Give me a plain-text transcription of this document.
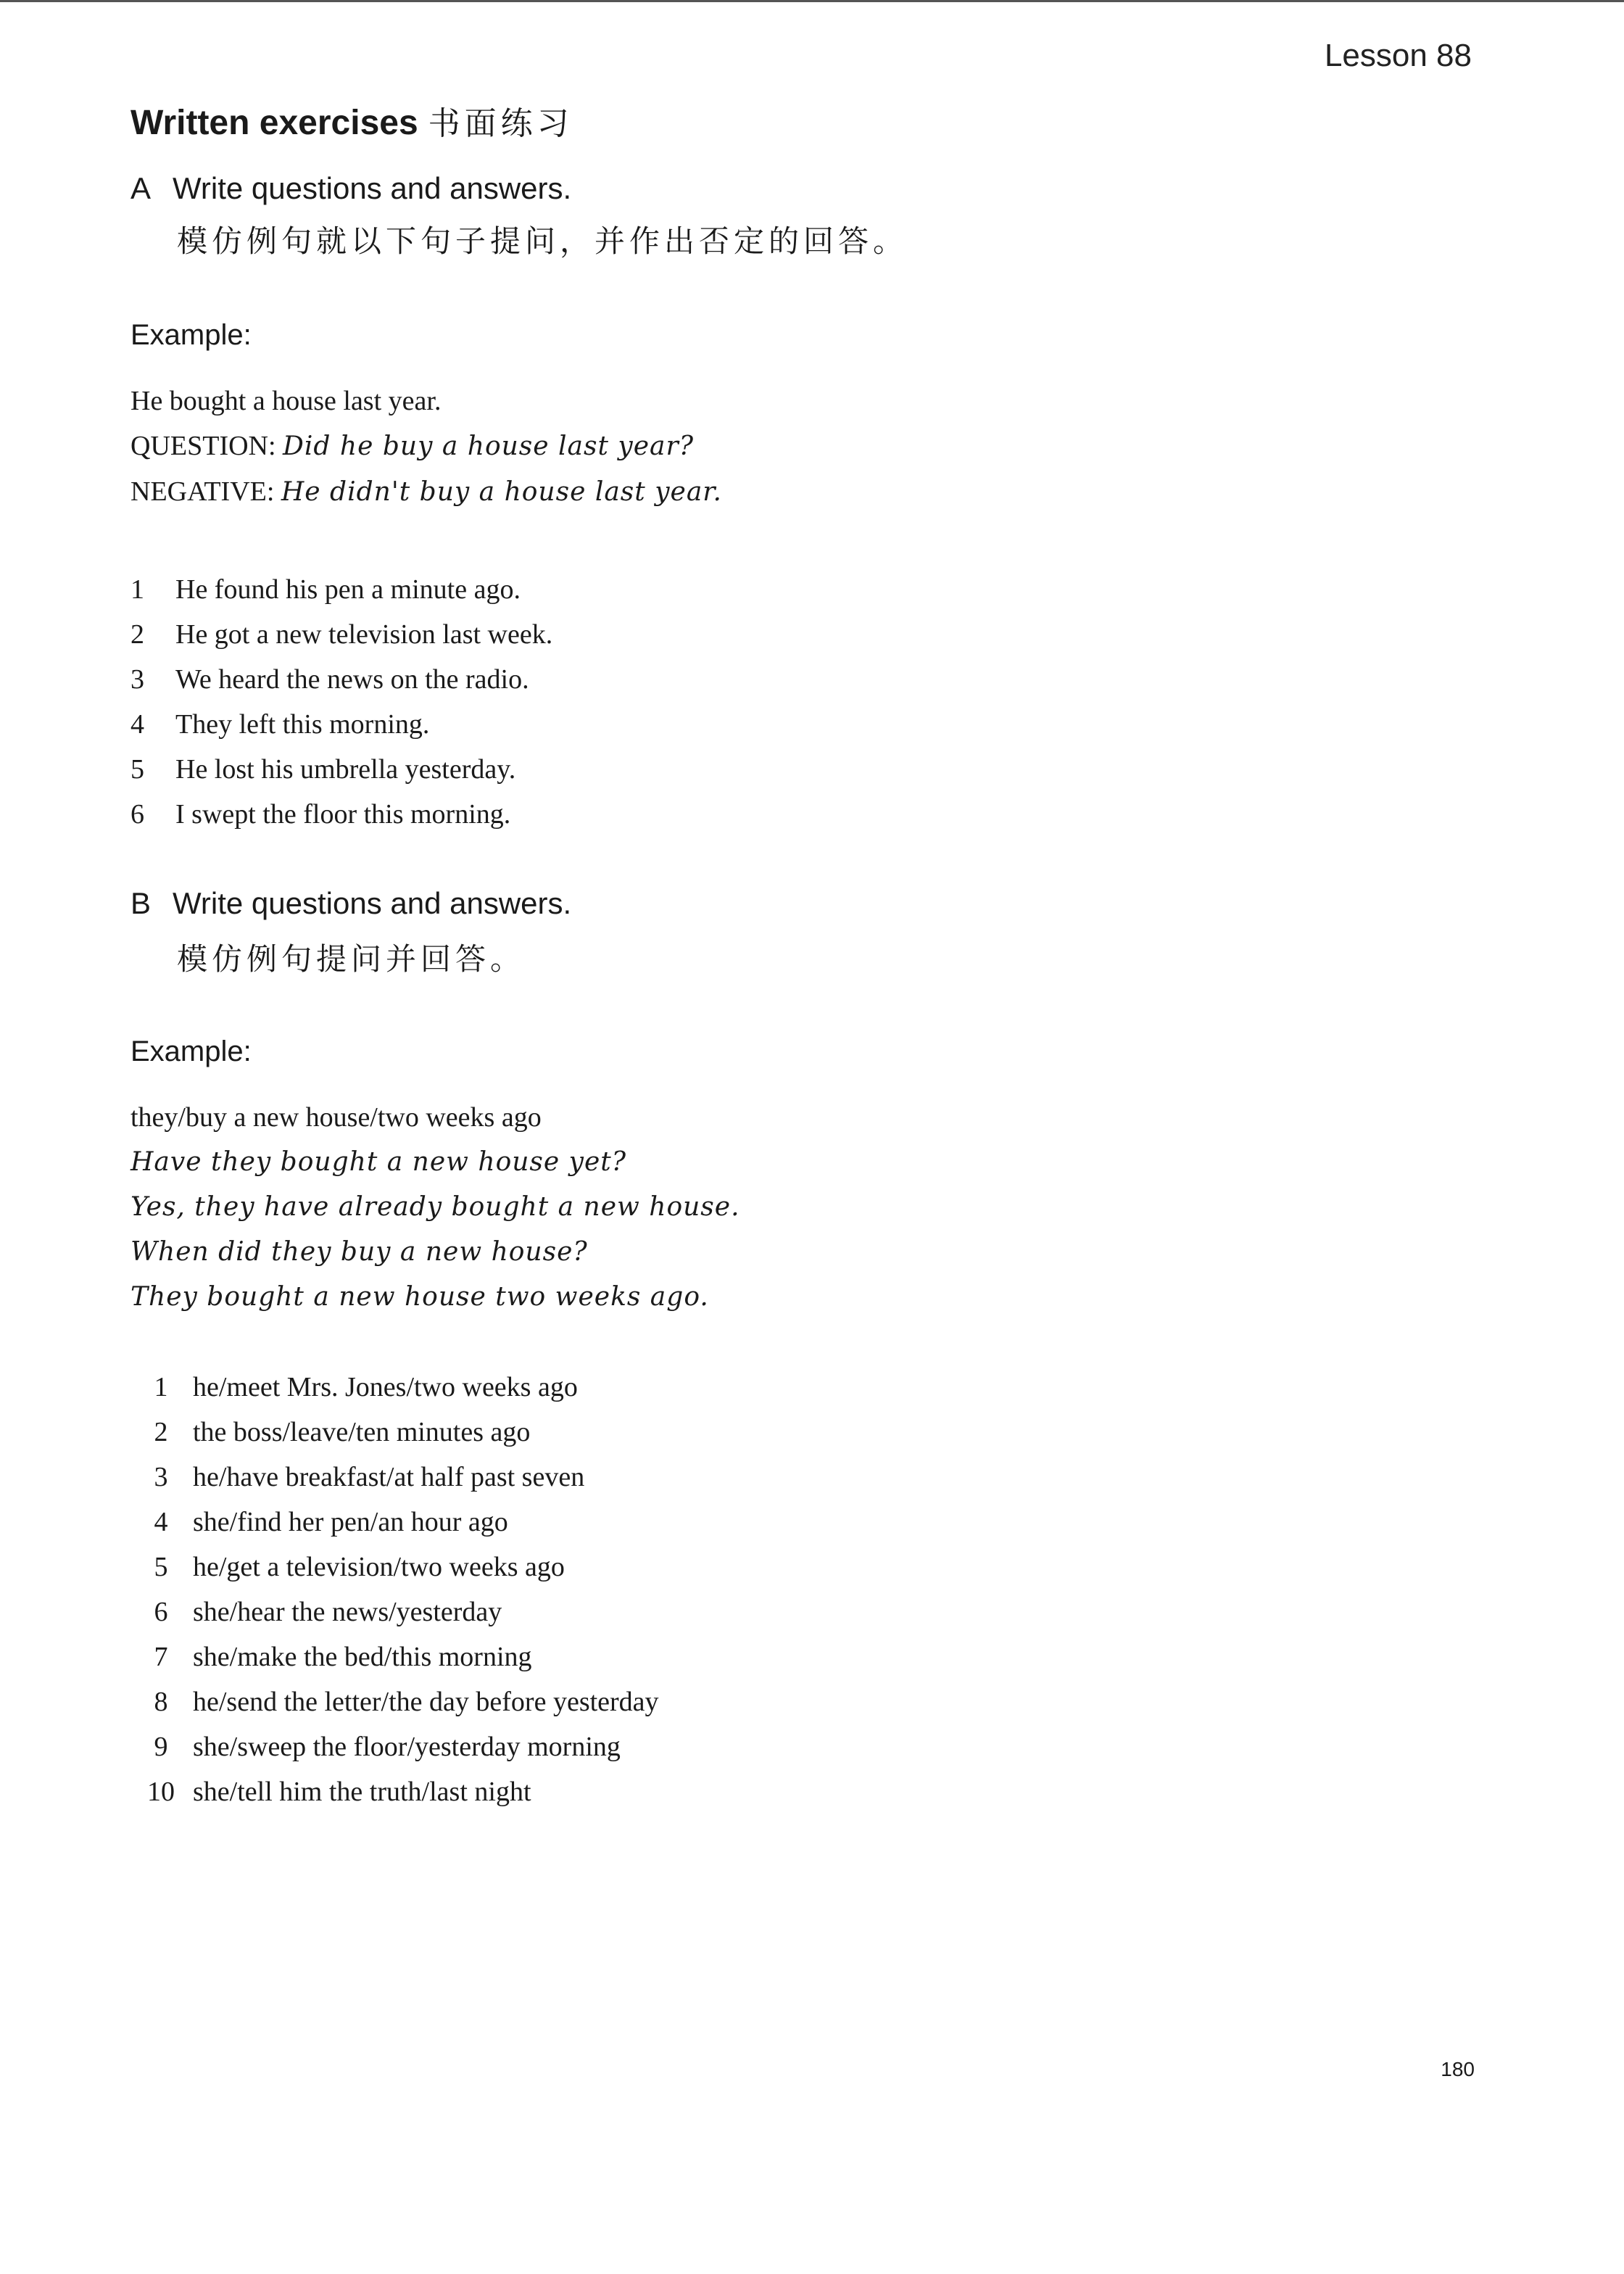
Lesson 88
Written exercises 书面练习
A Write questions and answers.
模仿例句就以下句子提问，并作出否定的回答。
Example:
He bought a house last year.
QUESTION: Did he buy a house last year?
NEGATIVE: He didn't buy a house last year.
1	He found his pen a minute ago.
2	He got a new television last week.
3	We heard the news on the radio.
4	They left this morning.
5	He lost his umbrella yesterday.
6	I swept the floor this morning.
B Write questions and answers.
模仿例句提问并回答。
Example:
they/buy a new house/two weeks ago
Have they bought a new house yet?
Yes, they have already bought a new house.
When did they buy a new house?
They bought a new house two weeks ago.
1 he/meet Mrs. Jones/two weeks ago
2 the boss/leave/ten minutes ago
3 he/have breakfast/at half past seven
4 she/find her pen/an hour ago
5 he/get a television/two weeks ago
6 she/hear the news/yesterday
7 she/make the bed/this morning
8 he/send the letter/the day before yesterday
9 she/sweep the floor/yesterday morning
10 she/tell him the truth/last night
180
